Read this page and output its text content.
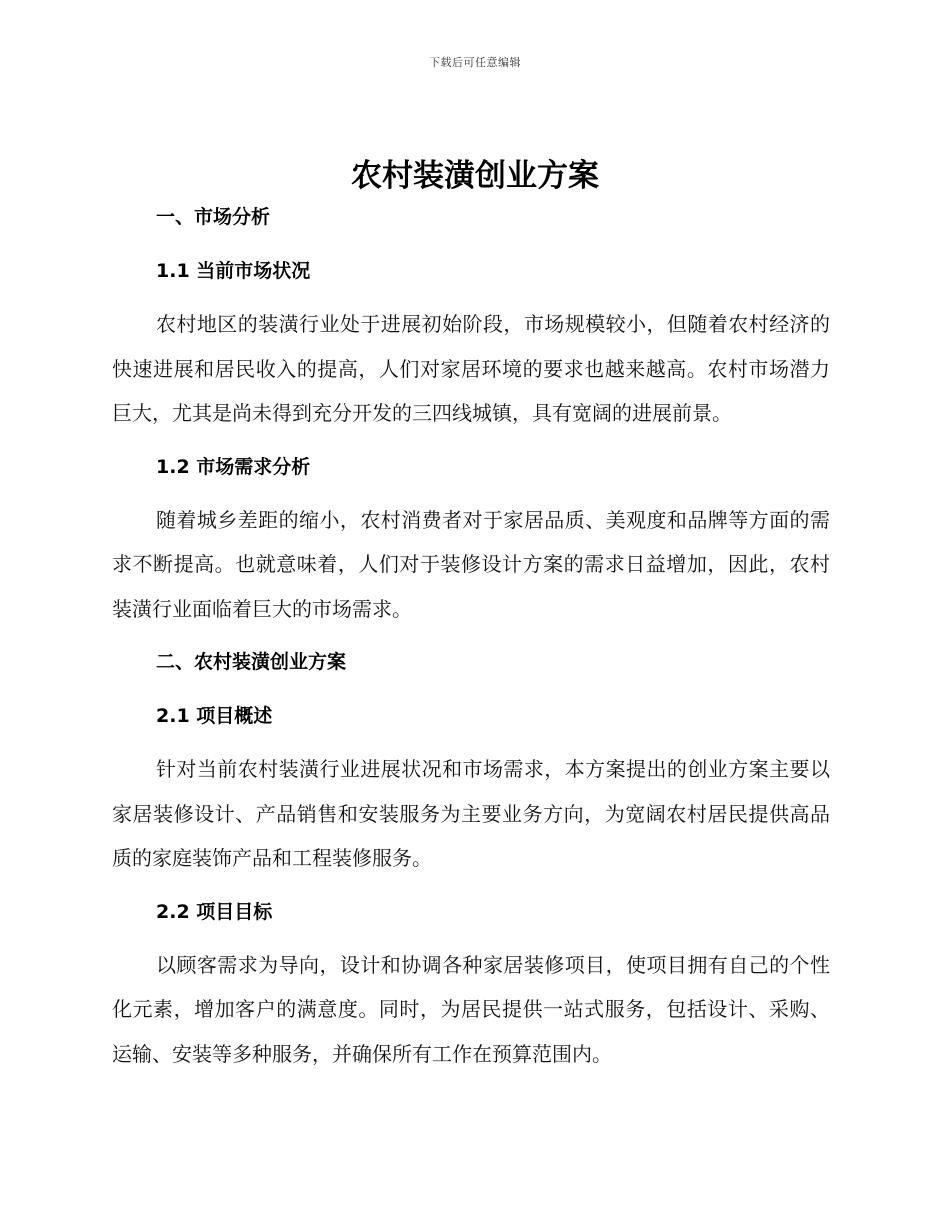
下载后可任意编辑
农村装潢创业方案
一、市场分析
1.1 当前市场状况

农村地区的装潢行业处于进展初始阶段，市场规模较小，但随着农村经济的快速进展和居民收入的提高，人们对家居环境的要求也越来越高。农村市场潜力巨大，尤其是尚未得到充分开发的三四线城镇，具有宽阔的进展前景。

1.2 市场需求分析

随着城乡差距的缩小，农村消费者对于家居品质、美观度和品牌等方面的需求不断提高。也就意味着，人们对于装修设计方案的需求日益增加，因此，农村装潢行业面临着巨大的市场需求。

二、农村装潢创业方案
2.1 项目概述

针对当前农村装潢行业进展状况和市场需求，本方案提出的创业方案主要以家居装修设计、产品销售和安装服务为主要业务方向，为宽阔农村居民提供高品质的家庭装饰产品和工程装修服务。

2.2 项目目标

以顾客需求为导向，设计和协调各种家居装修项目，使项目拥有自己的个性化元素，增加客户的满意度。同时，为居民提供一站式服务，包括设计、采购、运输、安装等多种服务，并确保所有工作在预算范围内。
